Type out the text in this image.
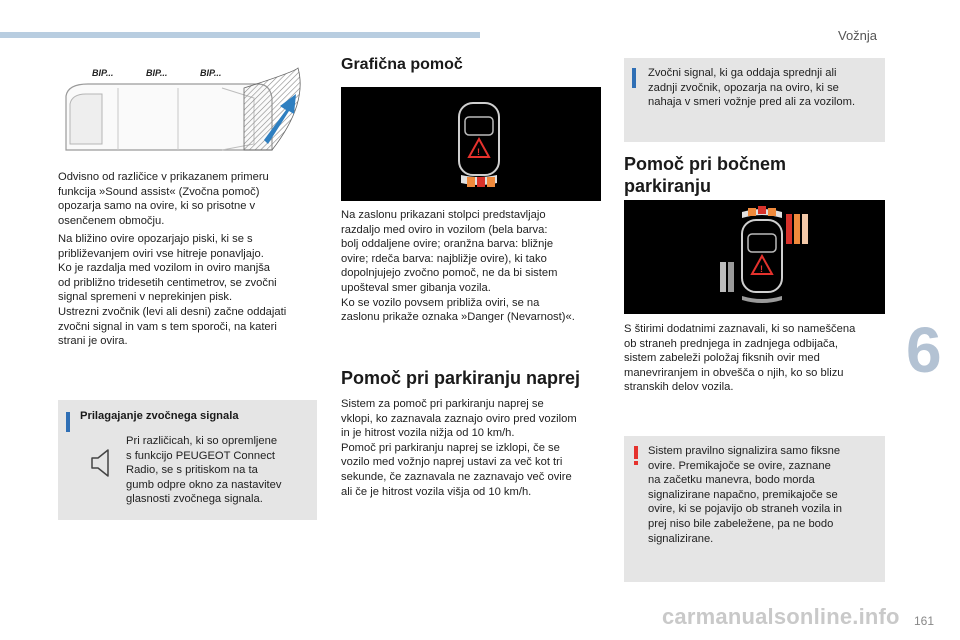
Vožnja
6
161
BIP...	BIP...	BIP...

Odvisno od različice v prikazanem primeru
funkcija »Sound assist« (Zvočna pomoč)
opozarja samo na ovire, ki so prisotne v
osenčenem območju.

Na bližino ovire opozarjajo piski, ki se s
približevanjem oviri vse hitreje ponavljajo.
Ko je razdalja med vozilom in oviro manjša
od približno tridesetih centimetrov, se zvočni
signal spremeni v neprekinjen pisk.
Ustrezni zvočnik (levi ali desni) začne oddajati
zvočni signal in vam s tem sporoči, na kateri
strani je ovira.

Prilagajanje zvočnega signala

Pri različicah, ki so opremljene
s funkcijo PEUGEOT Connect
Radio, se s pritiskom na ta
gumb odpre okno za nastavitev
glasnosti zvočnega signala.

Grafična pomoč
!

Na zaslonu prikazani stolpci predstavljajo
razdaljo med oviro in vozilom (bela barva:
bolj oddaljene ovire; oranžna barva: bližnje
ovire; rdeča barva: najbližje ovire), ki tako
dopolnjujejo zvočno pomoč, ne da bi sistem
upošteval smer gibanja vozila.
Ko se vozilo povsem približa oviri, se na
zaslonu prikaže oznaka »Danger (Nevarnost)«.

Pomoč pri parkiranju naprej

Sistem za pomoč pri parkiranju naprej se
vklopi, ko zaznavala zaznajo oviro pred vozilom
in je hitrost vozila nižja od 10 km/h.
Pomoč pri parkiranju naprej se izklopi, če se
vozilo med vožnjo naprej ustavi za več kot tri
sekunde, če zaznavala ne zaznavajo več ovire
ali če je hitrost vozila višja od 10 km/h.

Zvočni signal, ki ga oddaja sprednji ali
zadnji zvočnik, opozarja na oviro, ki se
nahaja v smeri vožnje pred ali za vozilom.

Pomoč pri bočnem
parkiranju
!

S štirimi dodatnimi zaznavali, ki so nameščena
ob straneh prednjega in zadnjega odbijača,
sistem zabeleži položaj fiksnih ovir med
manevriranjem in obvešča o njih, ko so blizu
stranskih delov vozila.

Sistem pravilno signalizira samo fiksne
ovire. Premikajoče se ovire, zaznane
na začetku manevra, bodo morda
signalizirane napačno, premikajoče se
ovire, ki se pojavijo ob straneh vozila in
prej niso bile zabeležene, pa ne bodo
signalizirane.

carmanualsonline.info
